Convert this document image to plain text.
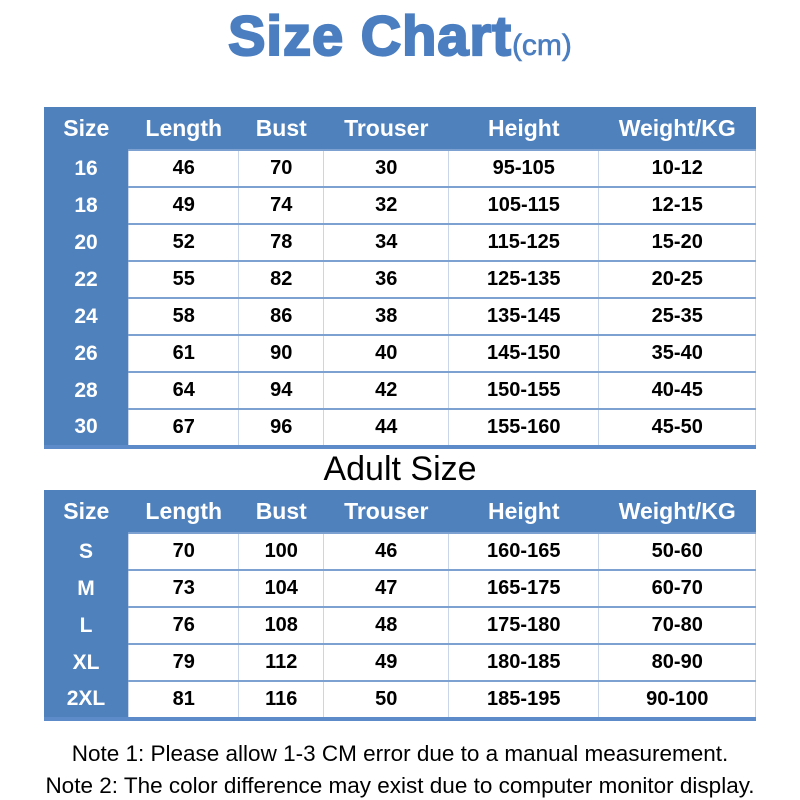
Size Chart(cm)
Size	Length	Bust	Trouser	Height	Weight/KG
16	46	70	30	95-105	10-12
18	49	74	32	105-115	12-15
20	52	78	34	115-125	15-20
22	55	82	36	125-135	20-25
24	58	86	38	135-145	25-35
26	61	90	40	145-150	35-40
28	64	94	42	150-155	40-45
30	67	96	44	155-160	45-50
Adult Size
Size	Length	Bust	Trouser	Height	Weight/KG
S	70	100	46	160-165	50-60
M	73	104	47	165-175	60-70
L	76	108	48	175-180	70-80
XL	79	112	49	180-185	80-90
2XL	81	116	50	185-195	90-100
Note 1: Please allow 1-3 CM error due to a manual measurement.
Note 2: The color difference may exist due to computer monitor display.
